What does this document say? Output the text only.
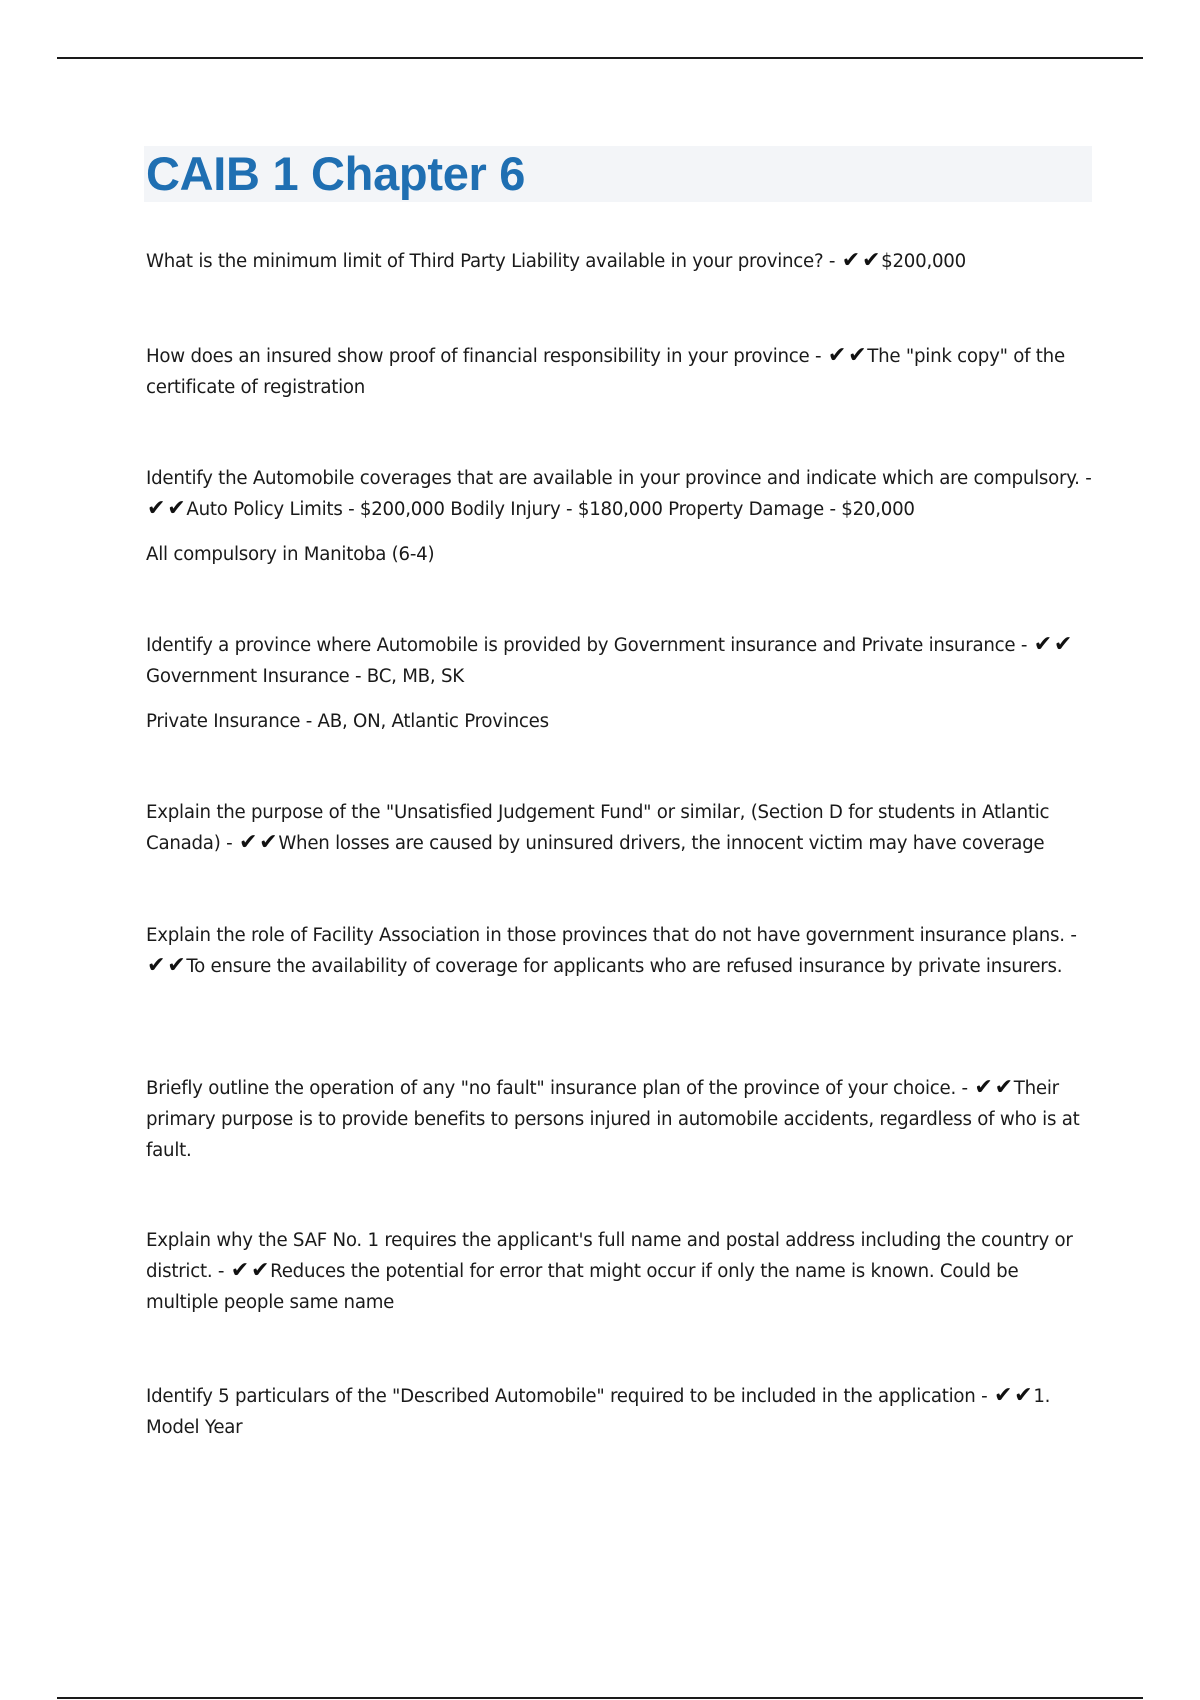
CAIB 1 Chapter 6

What is the minimum limit of Third Party Liability available in your province? - ✔✔$200,000

How does an insured show proof of financial responsibility in your province - ✔✔The "pink copy" of the certificate of registration

Identify the Automobile coverages that are available in your province and indicate which are compulsory. - ✔✔Auto Policy Limits - $200,000 Bodily Injury - $180,000 Property Damage - $20,000

All compulsory in Manitoba (6-4)

Identify a province where Automobile is provided by Government insurance and Private insurance - ✔✔Government Insurance - BC, MB, SK

Private Insurance - AB, ON, Atlantic Provinces

Explain the purpose of the "Unsatisfied Judgement Fund" or similar, (Section D for students in Atlantic Canada) - ✔✔When losses are caused by uninsured drivers, the innocent victim may have coverage

Explain the role of Facility Association in those provinces that do not have government insurance plans. - ✔✔To ensure the availability of coverage for applicants who are refused insurance by private insurers.

Briefly outline the operation of any "no fault" insurance plan of the province of your choice. - ✔✔Their primary purpose is to provide benefits to persons injured in automobile accidents, regardless of who is at fault.

Explain why the SAF No. 1 requires the applicant's full name and postal address including the country or district. - ✔✔Reduces the potential for error that might occur if only the name is known. Could be multiple people same name

Identify 5 particulars of the "Described Automobile" required to be included in the application - ✔✔1. Model Year
